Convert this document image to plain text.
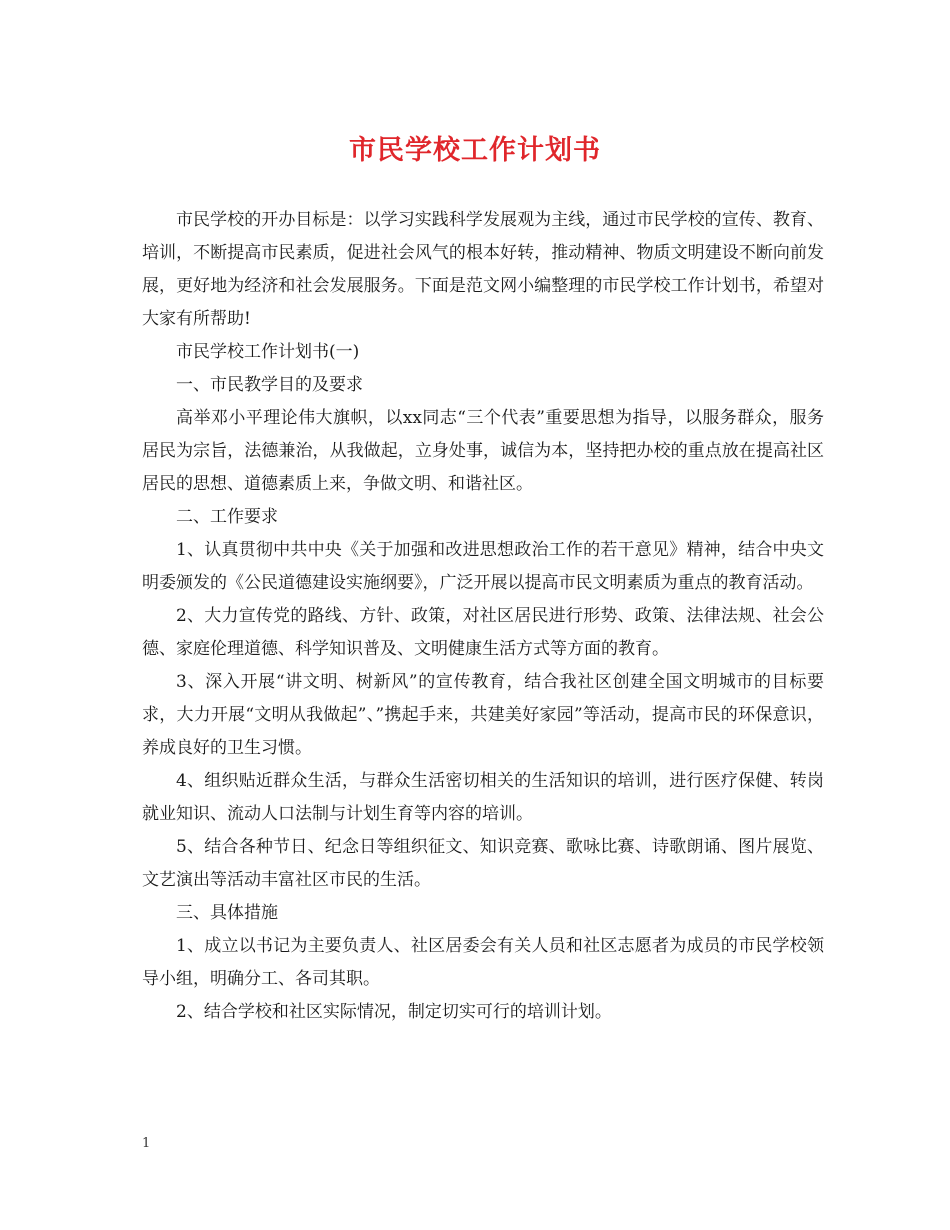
市民学校工作计划书

市民学校的开办目标是：以学习实践科学发展观为主线，通过市民学校的宣传、教育、培训，不断提高市民素质，促进社会风气的根本好转，推动精神、物质文明建设不断向前发展，更好地为经济和社会发展服务。下面是范文网小编整理的市民学校工作计划书，希望对大家有所帮助!

市民学校工作计划书(一)

一、市民教学目的及要求

高举邓小平理论伟大旗帜，以xx同志“三个代表”重要思想为指导，以服务群众，服务居民为宗旨，法德兼治，从我做起，立身处事，诚信为本，坚持把办校的重点放在提高社区居民的思想、道德素质上来，争做文明、和谐社区。

二、工作要求

1、认真贯彻中共中央《关于加强和改进思想政治工作的若干意见》精神，结合中央文明委颁发的《公民道德建设实施纲要》，广泛开展以提高市民文明素质为重点的教育活动。

2、大力宣传党的路线、方针、政策，对社区居民进行形势、政策、法律法规、社会公德、家庭伦理道德、科学知识普及、文明健康生活方式等方面的教育。

3、深入开展“讲文明、树新风”的宣传教育，结合我社区创建全国文明城市的目标要求，大力开展“文明从我做起”、”携起手来，共建美好家园”等活动，提高市民的环保意识，养成良好的卫生习惯。

4、组织贴近群众生活，与群众生活密切相关的生活知识的培训，进行医疗保健、转岗就业知识、流动人口法制与计划生育等内容的培训。

5、结合各种节日、纪念日等组织征文、知识竞赛、歌咏比赛、诗歌朗诵、图片展览、文艺演出等活动丰富社区市民的生活。

三、具体措施

1、成立以书记为主要负责人、社区居委会有关人员和社区志愿者为成员的市民学校领导小组，明确分工、各司其职。

2、结合学校和社区实际情况，制定切实可行的培训计划。

1
